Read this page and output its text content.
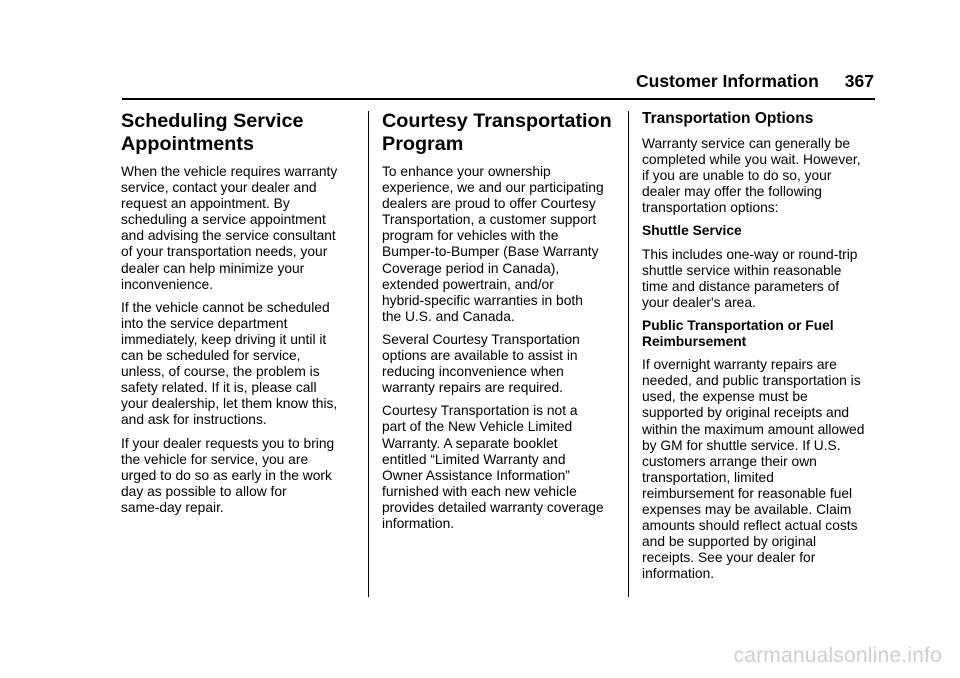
Customer Information 367
Scheduling Service
Appointments

When the vehicle requires warranty
service, contact your dealer and
request an appointment. By
scheduling a service appointment
and advising the service consultant
of your transportation needs, your
dealer can help minimize your
inconvenience.

If the vehicle cannot be scheduled
into the service department
immediately, keep driving it until it
can be scheduled for service,
unless, of course, the problem is
safety related. If it is, please call
your dealership, let them know this,
and ask for instructions.

If your dealer requests you to bring
the vehicle for service, you are
urged to do so as early in the work
day as possible to allow for
same-day repair.

Courtesy Transportation
Program

To enhance your ownership
experience, we and our participating
dealers are proud to offer Courtesy
Transportation, a customer support
program for vehicles with the
Bumper-to-Bumper (Base Warranty
Coverage period in Canada),
extended powertrain, and/or
hybrid-specific warranties in both
the U.S. and Canada.

Several Courtesy Transportation
options are available to assist in
reducing inconvenience when
warranty repairs are required.

Courtesy Transportation is not a
part of the New Vehicle Limited
Warranty. A separate booklet
entitled “Limited Warranty and
Owner Assistance Information”
furnished with each new vehicle
provides detailed warranty coverage
information.

Transportation Options

Warranty service can generally be
completed while you wait. However,
if you are unable to do so, your
dealer may offer the following
transportation options:

Shuttle Service

This includes one-way or round-trip
shuttle service within reasonable
time and distance parameters of
your dealer's area.

Public Transportation or Fuel
Reimbursement

If overnight warranty repairs are
needed, and public transportation is
used, the expense must be
supported by original receipts and
within the maximum amount allowed
by GM for shuttle service. If U.S.
customers arrange their own
transportation, limited
reimbursement for reasonable fuel
expenses may be available. Claim
amounts should reflect actual costs
and be supported by original
receipts. See your dealer for
information.

carmanualsonline.info
